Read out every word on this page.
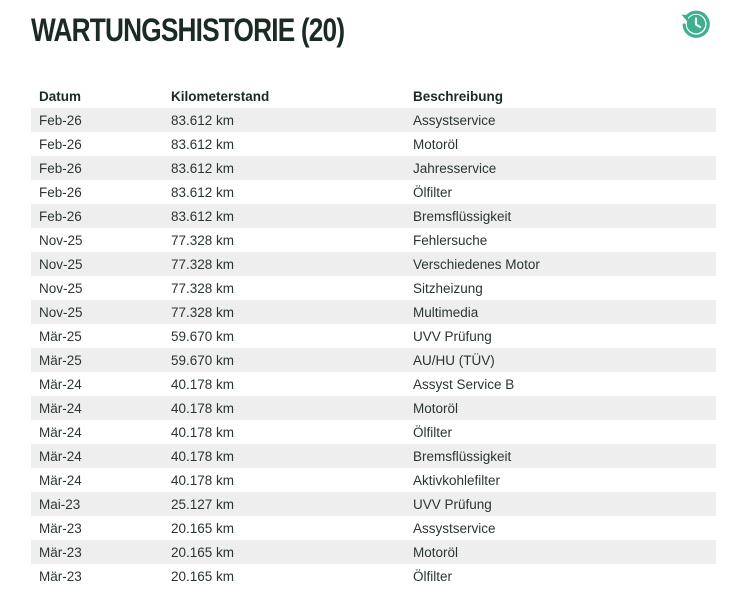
WARTUNGSHISTORIE (20)
Datum	Kilometerstand	Beschreibung
Feb-26	83.612 km	Assystservice
Feb-26	83.612 km	Motoröl
Feb-26	83.612 km	Jahresservice
Feb-26	83.612 km	Ölfilter
Feb-26	83.612 km	Bremsflüssigkeit
Nov-25	77.328 km	Fehlersuche
Nov-25	77.328 km	Verschiedenes Motor
Nov-25	77.328 km	Sitzheizung
Nov-25	77.328 km	Multimedia
Mär-25	59.670 km	UVV Prüfung
Mär-25	59.670 km	AU/HU (TÜV)
Mär-24	40.178 km	Assyst Service B
Mär-24	40.178 km	Motoröl
Mär-24	40.178 km	Ölfilter
Mär-24	40.178 km	Bremsflüssigkeit
Mär-24	40.178 km	Aktivkohlefilter
Mai-23	25.127 km	UVV Prüfung
Mär-23	20.165 km	Assystservice
Mär-23	20.165 km	Motoröl
Mär-23	20.165 km	Ölfilter
